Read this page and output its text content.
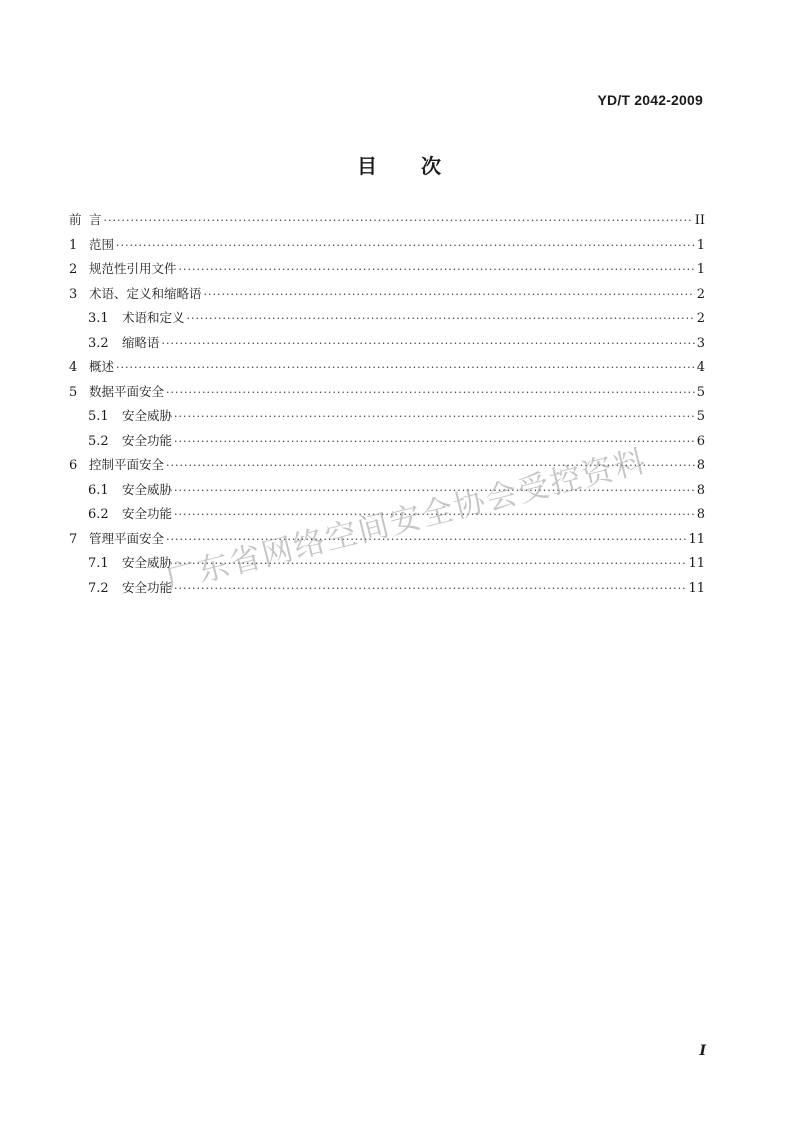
YD/T 2042-2009
目 次
前 言 ·····	II
1 范围 ·····	1
2 规范性引用文件 ·····	1
3 术语、定义和缩略语 ·····	2
3.1	术语和定义 ·····	2
3.2	缩略语 ·····	3
4 概述 ·····	4
5 数据平面安全 ·····	5
5.1	安全威胁 ·····	5
5.2	安全功能 ·····	6
6 控制平面安全 ·····	8
6.1	安全威胁 ·····	8
6.2	安全功能 ·····	8
7 管理平面安全 ·····	11
7.1	安全威胁 ·····	11
7.2	安全功能 ·····	11
广东省网络空间安全协会受控资料
I
